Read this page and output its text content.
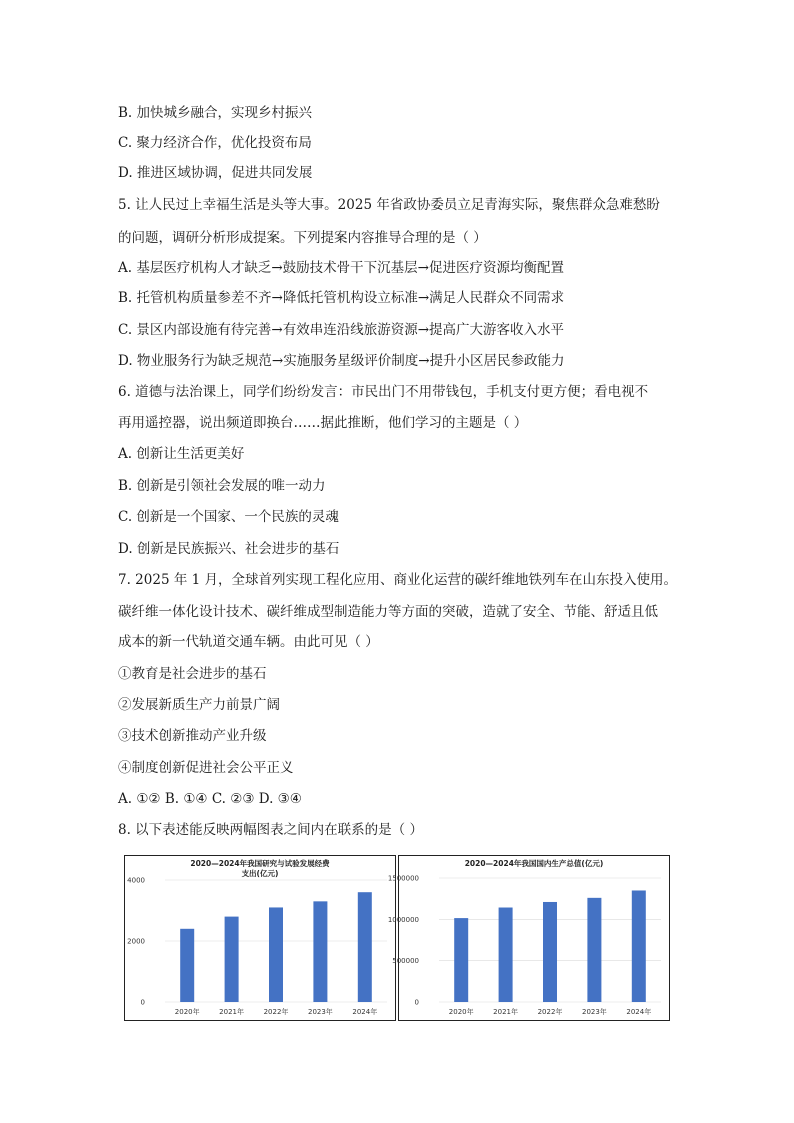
B. 加快城乡融合，实现乡村振兴
C. 聚力经济合作，优化投资布局
D. 推进区域协调，促进共同发展
5. 让人民过上幸福生活是头等大事。2025 年省政协委员立足青海实际，聚焦群众急难愁盼
的问题，调研分析形成提案。下列提案内容推导合理的是（ ）
A. 基层医疗机构人才缺乏→鼓励技术骨干下沉基层→促进医疗资源均衡配置
B. 托管机构质量参差不齐→降低托管机构设立标准→满足人民群众不同需求
C. 景区内部设施有待完善→有效串连沿线旅游资源→提高广大游客收入水平
D. 物业服务行为缺乏规范→实施服务星级评价制度→提升小区居民参政能力
6. 道德与法治课上，同学们纷纷发言：市民出门不用带钱包，手机支付更方便；看电视不
再用遥控器，说出频道即换台……据此推断，他们学习的主题是（ ）
A. 创新让生活更美好
B. 创新是引领社会发展的唯一动力
C. 创新是一个国家、一个民族的灵魂
D. 创新是民族振兴、社会进步的基石
7. 2025 年 1 月，全球首列实现工程化应用、商业化运营的碳纤维地铁列车在山东投入使用。
碳纤维一体化设计技术、碳纤维成型制造能力等方面的突破，造就了安全、节能、舒适且低
成本的新一代轨道交通车辆。由此可见（ ）
①教育是社会进步的基石
②发展新质生产力前景广阔
③技术创新推动产业升级
④制度创新促进社会公平正义
A. ①② B. ①④ C. ②③ D. ③④
8. 以下表述能反映两幅图表之间内在联系的是（ ）
2020—2024年我国研究与试验发展经费
支出(亿元)
4000
2000
0
2020年	2021年	2022年	2023年	2024年
2020—2024年我国国内生产总值(亿元)
1500000
1000000
500000
0
2020年	2021年	2022年	2023年	2024年
